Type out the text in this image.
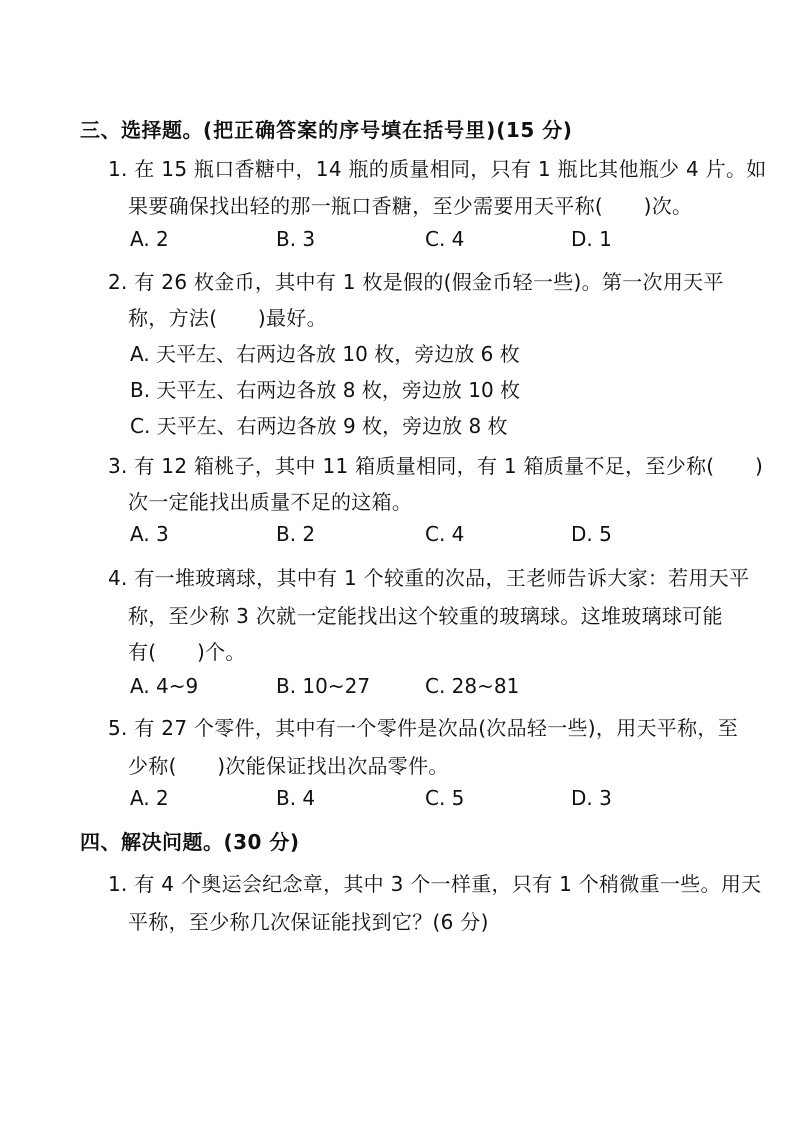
三、选择题。(把正确答案的序号填在括号里)(15 分)
1. 在 15 瓶口香糖中，14 瓶的质量相同，只有 1 瓶比其他瓶少 4 片。如
果要确保找出轻的那一瓶口香糖，至少需要用天平称(　　)次。
A. 2	B. 3	C. 4	D. 1
2. 有 26 枚金币，其中有 1 枚是假的(假金币轻一些)。第一次用天平
称，方法(　　)最好。
A. 天平左、右两边各放 10 枚，旁边放 6 枚
B. 天平左、右两边各放 8 枚，旁边放 10 枚
C. 天平左、右两边各放 9 枚，旁边放 8 枚
3. 有 12 箱桃子，其中 11 箱质量相同，有 1 箱质量不足，至少称(　　)
次一定能找出质量不足的这箱。
A. 3	B. 2	C. 4	D. 5
4. 有一堆玻璃球，其中有 1 个较重的次品，王老师告诉大家：若用天平
称，至少称 3 次就一定能找出这个较重的玻璃球。这堆玻璃球可能
有(　　)个。
A. 4~9	B. 10~27	C. 28~81
5. 有 27 个零件，其中有一个零件是次品(次品轻一些)，用天平称，至
少称(　　)次能保证找出次品零件。
A. 2	B. 4	C. 5	D. 3
四、解决问题。(30 分)
1. 有 4 个奥运会纪念章，其中 3 个一样重，只有 1 个稍微重一些。用天
平称，至少称几次保证能找到它？(6 分)
